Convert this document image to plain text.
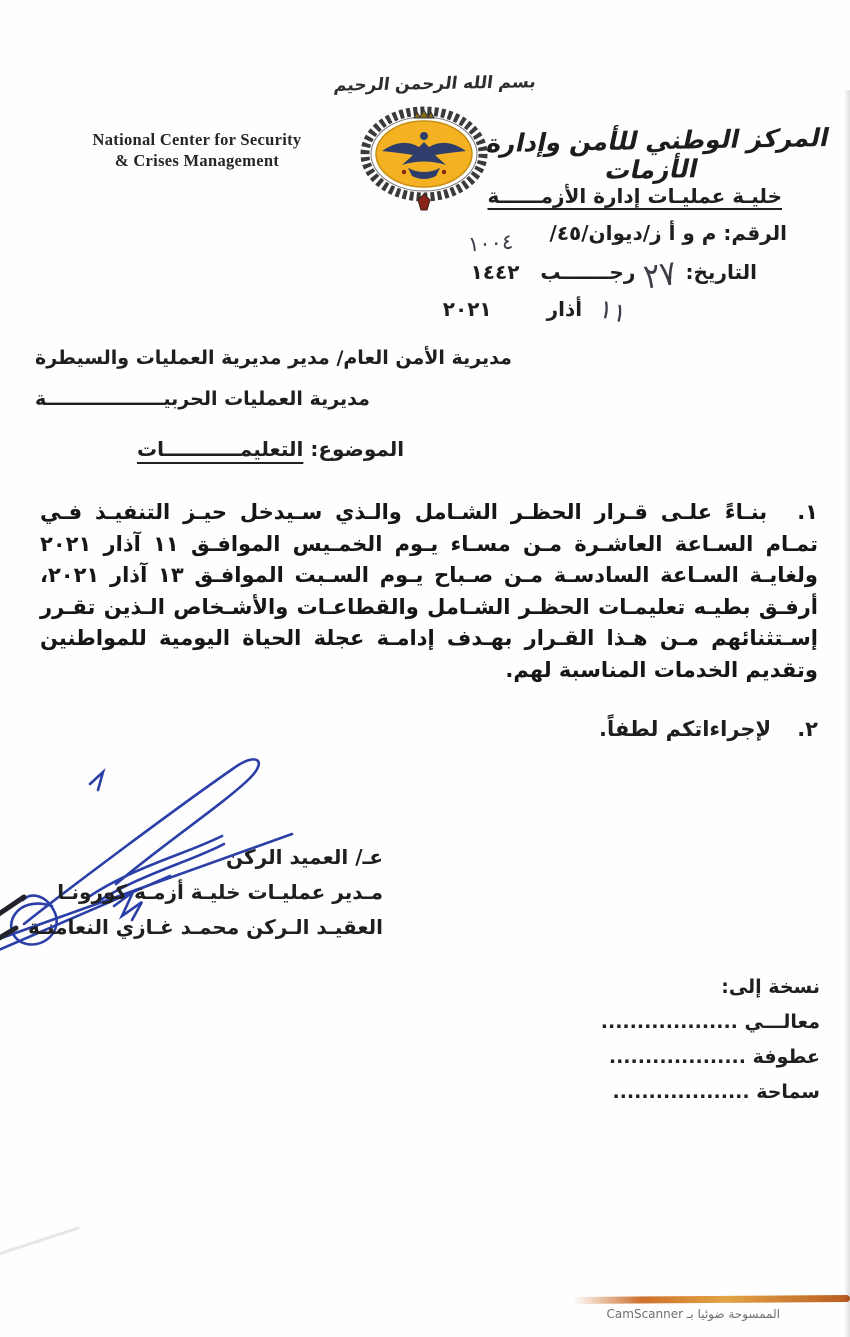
بسم الله الرحمن الرحيم
National Center for Security
& Crises Management
المركز الوطني للأمن وإدارة الأزمات
خليـة عمليـات إدارة الأزمــــــة
الرقم: م و أ ز/ديوان/٤٥/
١٠٠٤
التاريخ: ٢٧ رجـــــــب ١٤٤٢
١١ أذار ٢٠٢١
مديرية الأمن العام/ مدير مديرية العمليات والسيطرة
مديرية العمليات الحربيــــــــــــــــــة
الموضوع: التعليمـــــــــــات
١.بنـاءً علـى قـرار الحظـر الشـامل والـذي سـيدخل حيـز التنفيـذ فـي تمـام السـاعة العاشـرة مـن مسـاء يـوم الخمـيس الموافـق ١١ آذار ٢٠٢١ ولغايـة السـاعة السادسـة مـن صـباح يـوم السـبت الموافـق ١٣ آذار ٢٠٢١، أرفـق بطيـه تعليمـات الحظـر الشـامل والقطاعـات والأشـخاص الـذين تقـرر إسـتثنائهم مـن هـذا القـرار بهـدف إدامـة عجلة الحياة اليومية للمواطنين وتقديم الخدمات المناسبة لهم.
٢.لإجراءاتكم لطفاً.
عـ/ العميد الركن
مـدير عمليـات خليـة أزمـة كورونـا
العقيـد الـركن محمـد غـازي النعامنـة
نسخة إلى:
معالـــي ...................
عطوفة ...................
سماحة ...................
الممسوحة ضوئيا بـ CamScanner
